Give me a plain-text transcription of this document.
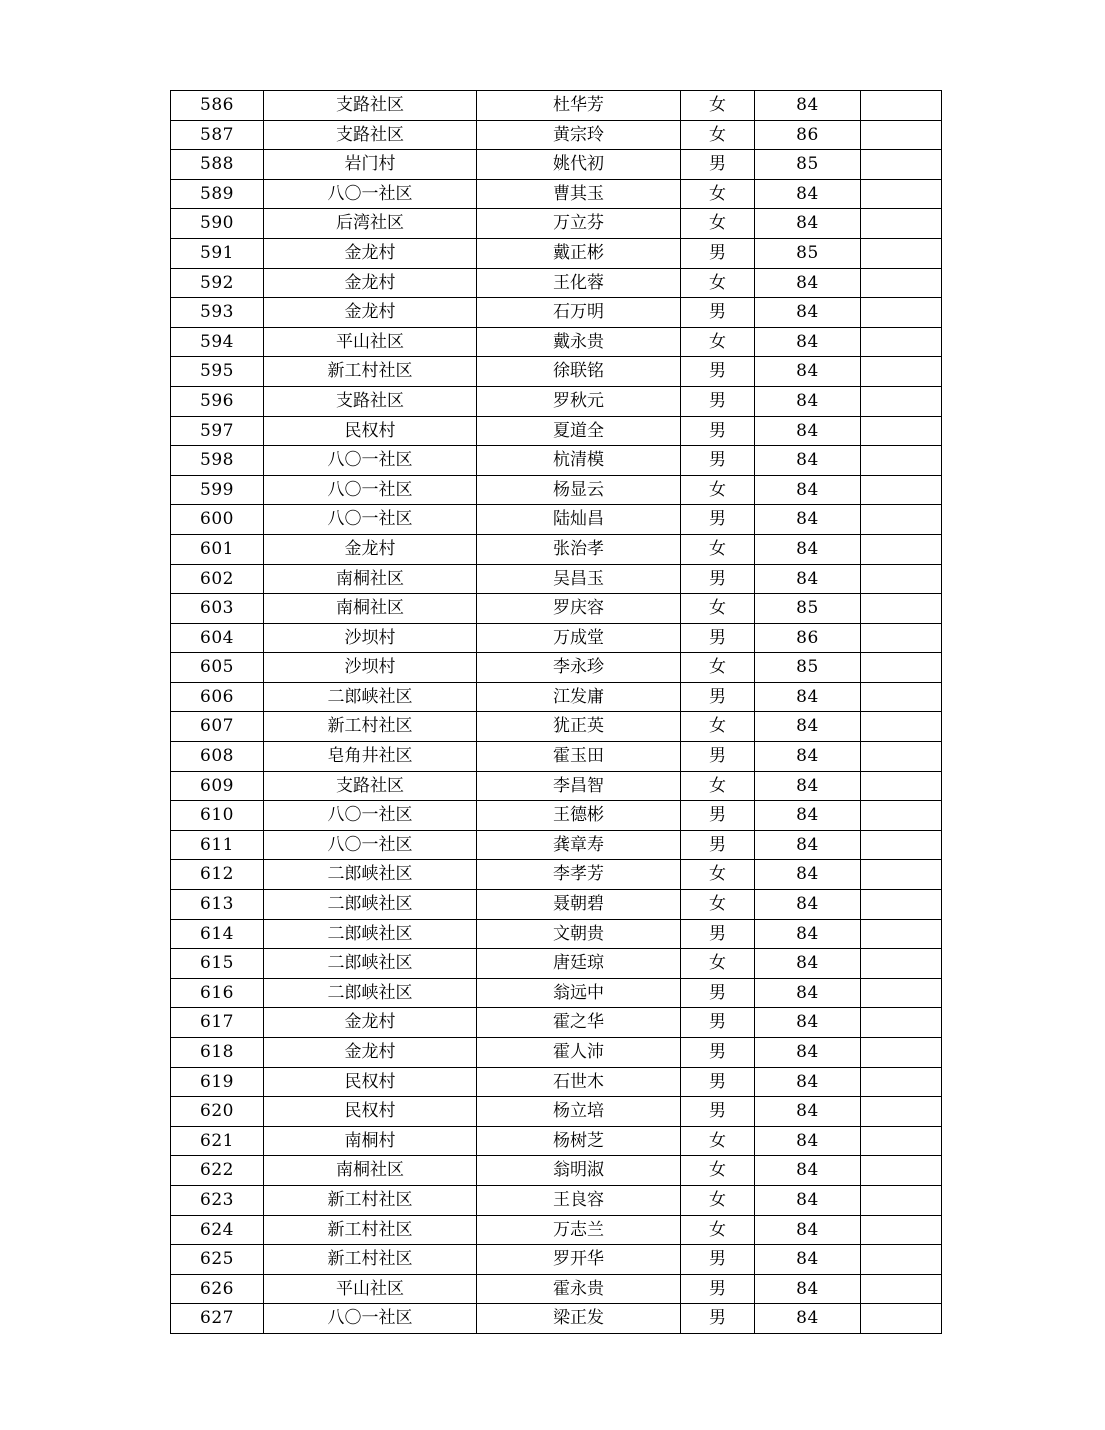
586	支路社区	杜华芳	女	84	
587	支路社区	黄宗玲	女	86	
588	岩门村	姚代初	男	85	
589	八〇一社区	曹其玉	女	84	
590	后湾社区	万立芬	女	84	
591	金龙村	戴正彬	男	85	
592	金龙村	王化蓉	女	84	
593	金龙村	石万明	男	84	
594	平山社区	戴永贵	女	84	
595	新工村社区	徐联铭	男	84	
596	支路社区	罗秋元	男	84	
597	民权村	夏道全	男	84	
598	八〇一社区	杭清模	男	84	
599	八〇一社区	杨显云	女	84	
600	八〇一社区	陆灿昌	男	84	
601	金龙村	张治孝	女	84	
602	南桐社区	吴昌玉	男	84	
603	南桐社区	罗庆容	女	85	
604	沙坝村	万成堂	男	86	
605	沙坝村	李永珍	女	85	
606	二郎峡社区	江发庸	男	84	
607	新工村社区	犹正英	女	84	
608	皂角井社区	霍玉田	男	84	
609	支路社区	李昌智	女	84	
610	八〇一社区	王德彬	男	84	
611	八〇一社区	龚章寿	男	84	
612	二郎峡社区	李孝芳	女	84	
613	二郎峡社区	聂朝碧	女	84	
614	二郎峡社区	文朝贵	男	84	
615	二郎峡社区	唐廷琼	女	84	
616	二郎峡社区	翁远中	男	84	
617	金龙村	霍之华	男	84	
618	金龙村	霍人沛	男	84	
619	民权村	石世木	男	84	
620	民权村	杨立培	男	84	
621	南桐村	杨树芝	女	84	
622	南桐社区	翁明淑	女	84	
623	新工村社区	王良容	女	84	
624	新工村社区	万志兰	女	84	
625	新工村社区	罗开华	男	84	
626	平山社区	霍永贵	男	84	
627	八〇一社区	梁正发	男	84	
